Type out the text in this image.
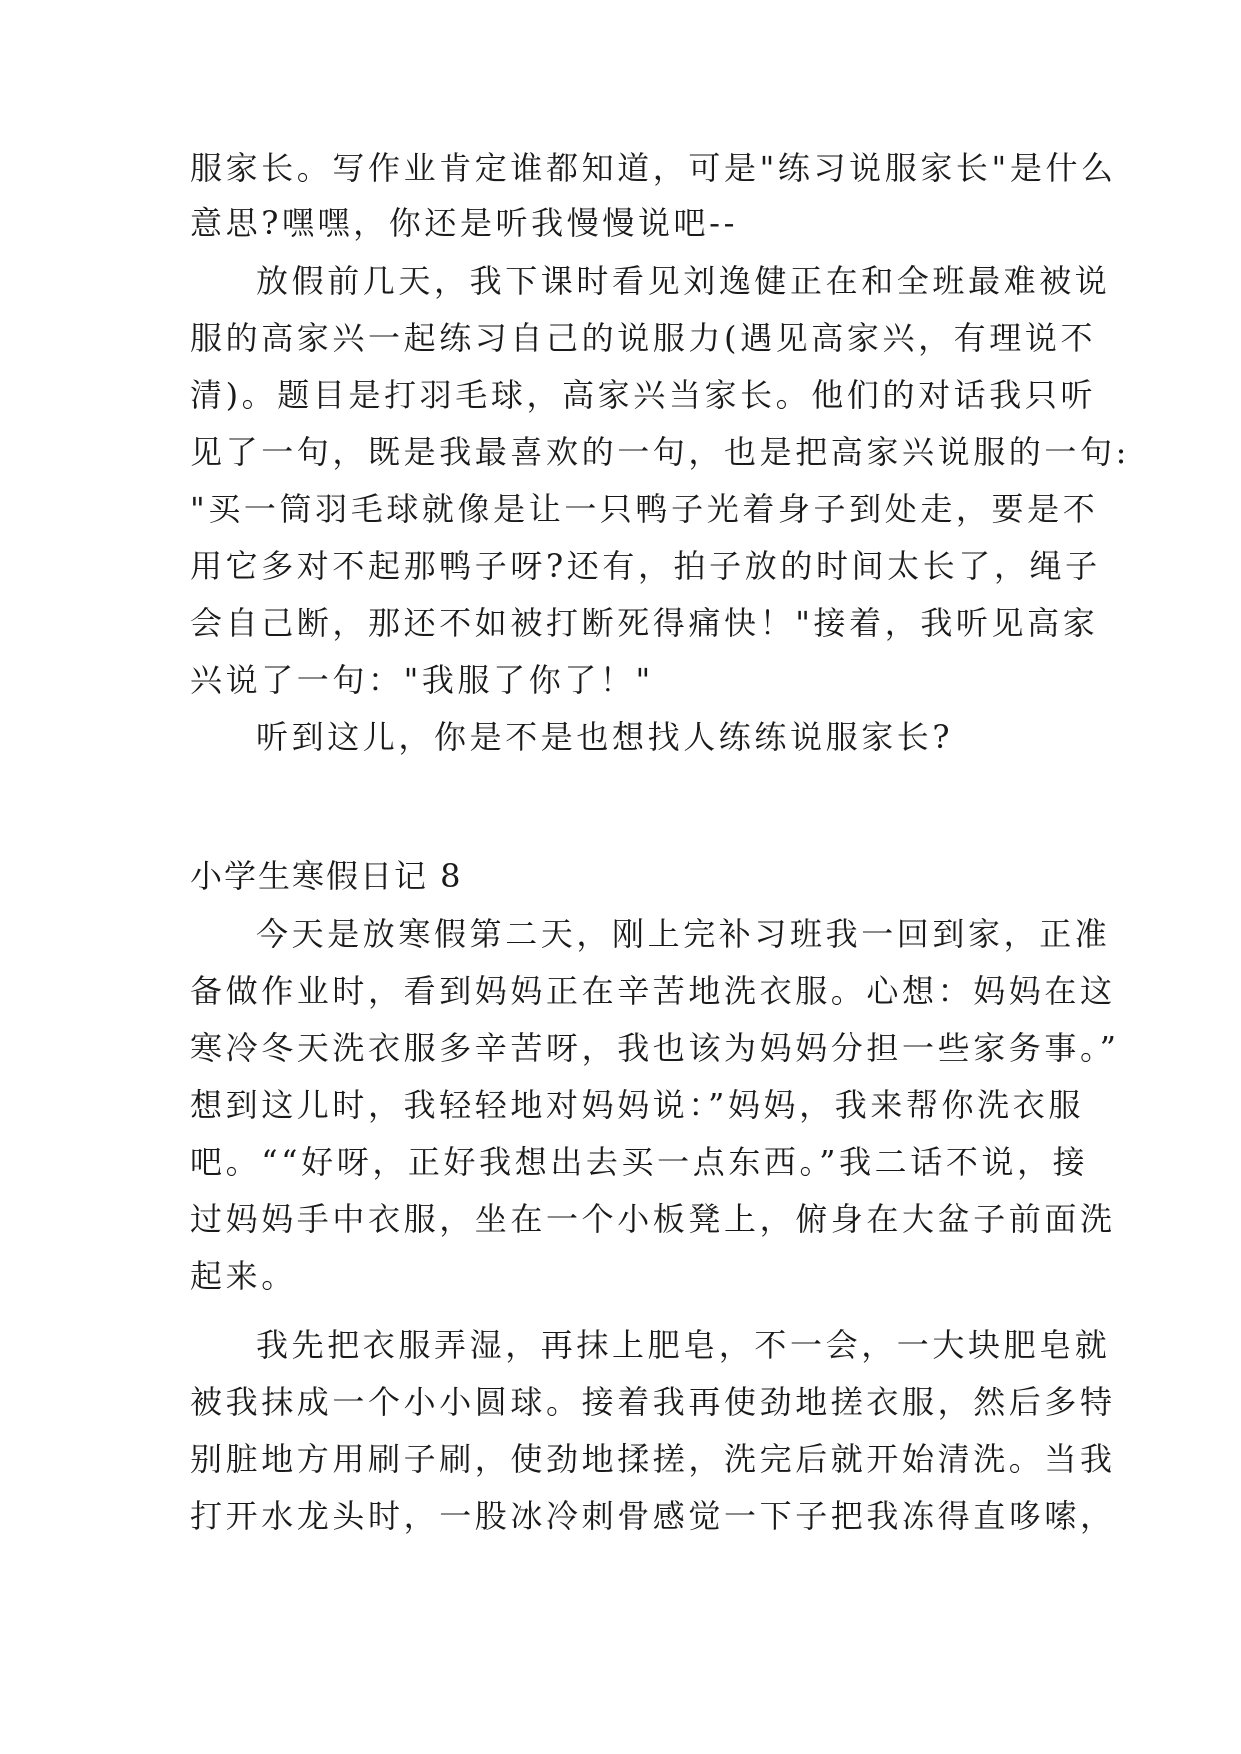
服家长。写作业肯定谁都知道，可是"练习说服家长"是什么
意思?嘿嘿，你还是听我慢慢说吧--
放假前几天，我下课时看见刘逸健正在和全班最难被说
服的高家兴一起练习自己的说服力(遇见高家兴，有理说不
清)。题目是打羽毛球，高家兴当家长。他们的对话我只听
见了一句，既是我最喜欢的一句，也是把高家兴说服的一句:
"买一筒羽毛球就像是让一只鸭子光着身子到处走，要是不
用它多对不起那鸭子呀?还有，拍子放的时间太长了，绳子
会自己断，那还不如被打断死得痛快！"接着，我听见高家
兴说了一句："我服了你了！"
听到这儿，你是不是也想找人练练说服家长?
小学生寒假日记 8
今天是放寒假第二天，刚上完补习班我一回到家，正准
备做作业时，看到妈妈正在辛苦地洗衣服。心想：妈妈在这
寒冷冬天洗衣服多辛苦呀，我也该为妈妈分担一些家务事。”
想到这儿时，我轻轻地对妈妈说：”妈妈，我来帮你洗衣服
吧。““好呀，正好我想出去买一点东西。”我二话不说，接
过妈妈手中衣服，坐在一个小板凳上，俯身在大盆子前面洗
起来。
我先把衣服弄湿，再抹上肥皂，不一会，一大块肥皂就
被我抹成一个小小圆球。接着我再使劲地搓衣服，然后多特
别脏地方用刷子刷，使劲地揉搓，洗完后就开始清洗。当我
打开水龙头时，一股冰冷刺骨感觉一下子把我冻得直哆嗦，
